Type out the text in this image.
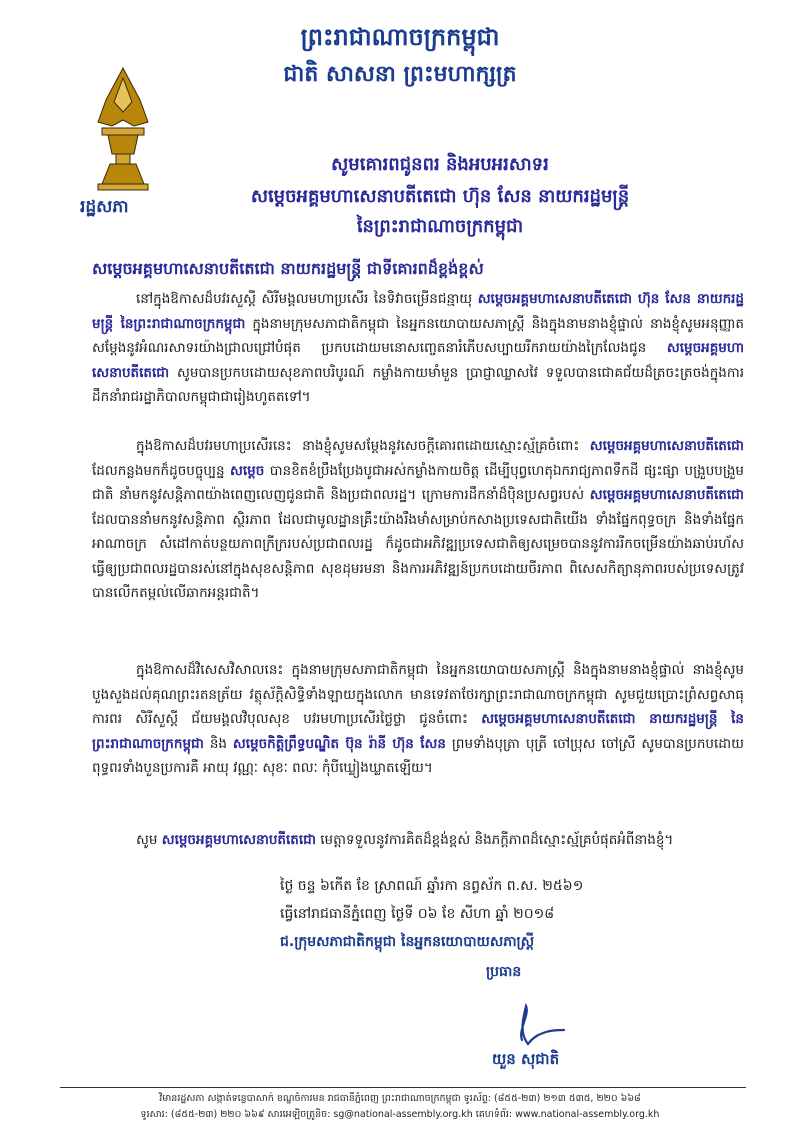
ព្រះរាជាណាចក្រកម្ពុជា
ជាតិ សាសនា ព្រះមហាក្សត្រ
រដ្ឋសភា
សូមគោរពជូនពរ និងអបអរសាទរ
សម្តេចអគ្គមហាសេនាបតីតេជោ ហ៊ុន សែន នាយករដ្ឋមន្ត្រី
នៃព្រះរាជាណាចក្រកម្ពុជា
សម្តេចអគ្គមហាសេនាបតីតេជោ នាយករដ្ឋមន្ត្រី ជាទីគោរពដ៏ខ្ពង់ខ្ពស់
នៅក្នុងឱកាសដ៏បវរសួស្តី សិរីមង្គលមហាប្រសើរ នៃទិវាចម្រើនជន្មាយុ សម្តេចអគ្គមហាសេនាបតីតេជោ ហ៊ុន សែន នាយករដ្ឋមន្ត្រី នៃព្រះរាជាណាចក្រកម្ពុជា ក្នុងនាមក្រុមសភាជាតិកម្ពុជា នៃអ្នកនយោបាយសភាស្ត្រី និងក្នុងនាមនាងខ្ញុំផ្ទាល់ នាងខ្ញុំសូមអនុញ្ញាតសម្តែងនូវអំណរសាទរយ៉ាងជ្រាលជ្រៅបំផុត ប្រកបដោយមនោសញ្ចេតនារំភើបសប្បាយរីករាយយ៉ាងក្រៃលែងជូន សម្តេចអគ្គមហាសេនាបតីតេជោ សូមបានប្រកបដោយសុខភាពបរិបូរណ៍ កម្លាំងកាយមាំមួន ប្រាជ្ញាឈ្លាសវៃ ទទួលបានជោគជ័យដ៏ត្រចះត្រចង់ក្នុងការដឹកនាំរាជរដ្ឋាភិបាលកម្ពុជាជារៀងហូតតទៅ។
ក្នុងឱកាសដ៏បវរមហាប្រសើរនេះ នាងខ្ញុំសូមសម្តែងនូវសេចក្តីគោរពដោយស្មោះស្ម័គ្រចំពោះ សម្តេចអគ្គមហាសេនាបតីតេជោ ដែលកន្លងមកក៏ដូចបច្ចុប្បន្ន សម្តេច បានខិតខំប្រឹងប្រែងបូជាអស់កម្លាំងកាយចិត្ត ដើម្បីបុព្វហេតុឯករាជ្យភាពទឹកដី ផ្សះផ្សា បង្រួបបង្រួមជាតិ នាំមកនូវសន្តិភាពយ៉ាងពេញលេញជូនជាតិ និងប្រជាពលរដ្ឋ។ ក្រោមការដឹកនាំដ៏ប៉ិនប្រសព្វរបស់ សម្តេចអគ្គមហាសេនាបតីតេជោ ដែលបាននាំមកនូវសន្តិភាព ស្ថិរភាព ដែលជាមូលដ្ឋានគ្រឹះយ៉ាងរឹងមាំសម្រាប់កសាងប្រទេសជាតិយើង ទាំងផ្នែកពុទ្ធចក្រ និងទាំងផ្នែកអាណាចក្រ សំដៅកាត់បន្ថយភាពក្រីក្ររបស់ប្រជាពលរដ្ឋ ក៏ដូចជាអភិវឌ្ឍប្រទេសជាតិឲ្យសម្រេចបាននូវការរីកចម្រើនយ៉ាងឆាប់រហ័ស ធ្វើឲ្យប្រជាពលរដ្ឋបានរស់នៅក្នុងសុខសន្តិភាព សុខដុមរមនា និងការអភិវឌ្ឍន៍ប្រកបដោយចីរភាព ពិសេសកិត្យានុភាពរបស់ប្រទេសត្រូវបានលើកតម្កល់លើឆាកអន្តរជាតិ។
ក្នុងឱកាសដ៏វិសេសវិសាលនេះ ក្នុងនាមក្រុមសភាជាតិកម្ពុជា នៃអ្នកនយោបាយសភាស្ត្រី និងក្នុងនាមនាងខ្ញុំផ្ទាល់ នាងខ្ញុំសូមបួងសួងដល់គុណព្រះរតនត្រ័យ វត្ថុស័ក្តិសិទ្ធិទាំងឡាយក្នុងលោក មានទេវតាថែរក្សាព្រះរាជាណាចក្រកម្ពុជា សូមជួយប្រោះព្រំសព្វសាធុការពរ សិរីសួស្តី ជ័យមង្គលវិបុលសុខ បវរមហាប្រសើរថ្លៃថ្លា ជូនចំពោះ សម្តេចអគ្គមហាសេនាបតីតេជោ នាយករដ្ឋមន្ត្រី នៃព្រះរាជាណាចក្រកម្ពុជា និង សម្តេចកិត្តិព្រឹទ្ធបណ្ឌិត ប៊ុន រ៉ានី ហ៊ុន សែន ព្រមទាំងបុត្រា បុត្រី ចៅប្រុស ចៅស្រី សូមបានប្រកបដោយពុទ្ធពរទាំងបួនប្រការគឺ អាយុ វណ្ណៈ សុខៈ ពលៈ កុំបីឃ្លៀងឃ្លាតឡើយ។
សូម សម្តេចអគ្គមហាសេនាបតីតេជោ មេត្តាទទួលនូវការគិតដ៏ខ្ពង់ខ្ពស់ និងភក្តីភាពដ៏ស្មោះស្ម័គ្របំផុតអំពីនាងខ្ញុំ។
ថ្ងៃ ចន្ទ ៦កើត ខែ ស្រាពណ៍ ឆ្នាំរកា នព្វស័ក ព.ស. ២៥៦១
ធ្វើនៅរាជធានីភ្នំពេញ ថ្ងៃទី ០៦ ខែ សីហា ឆ្នាំ ២០១៨
ជ.ក្រុមសភាជាតិកម្ពុជា នៃអ្នកនយោបាយសភាស្ត្រី
ប្រធាន
យួន សុជាតិ
វិមានរដ្ឋសភា សង្កាត់ទន្លេបាសាក់ ខណ្ឌចំការមន រាជធានីភ្នំពេញ ព្រះរាជាណាចក្រកម្ពុជា ទូរស័ព្ទ: (៨៥៥-២៣) ២១៣ ៥៣៥, ២២០ ៦៦៨
ទូរសារ: (៨៥៥-២៣) ២២០ ៦៦៩ សារអេឡិចត្រូនិច: sg@national-assembly.org.kh គេហទំព័រ: www.national-assembly.org.kh
